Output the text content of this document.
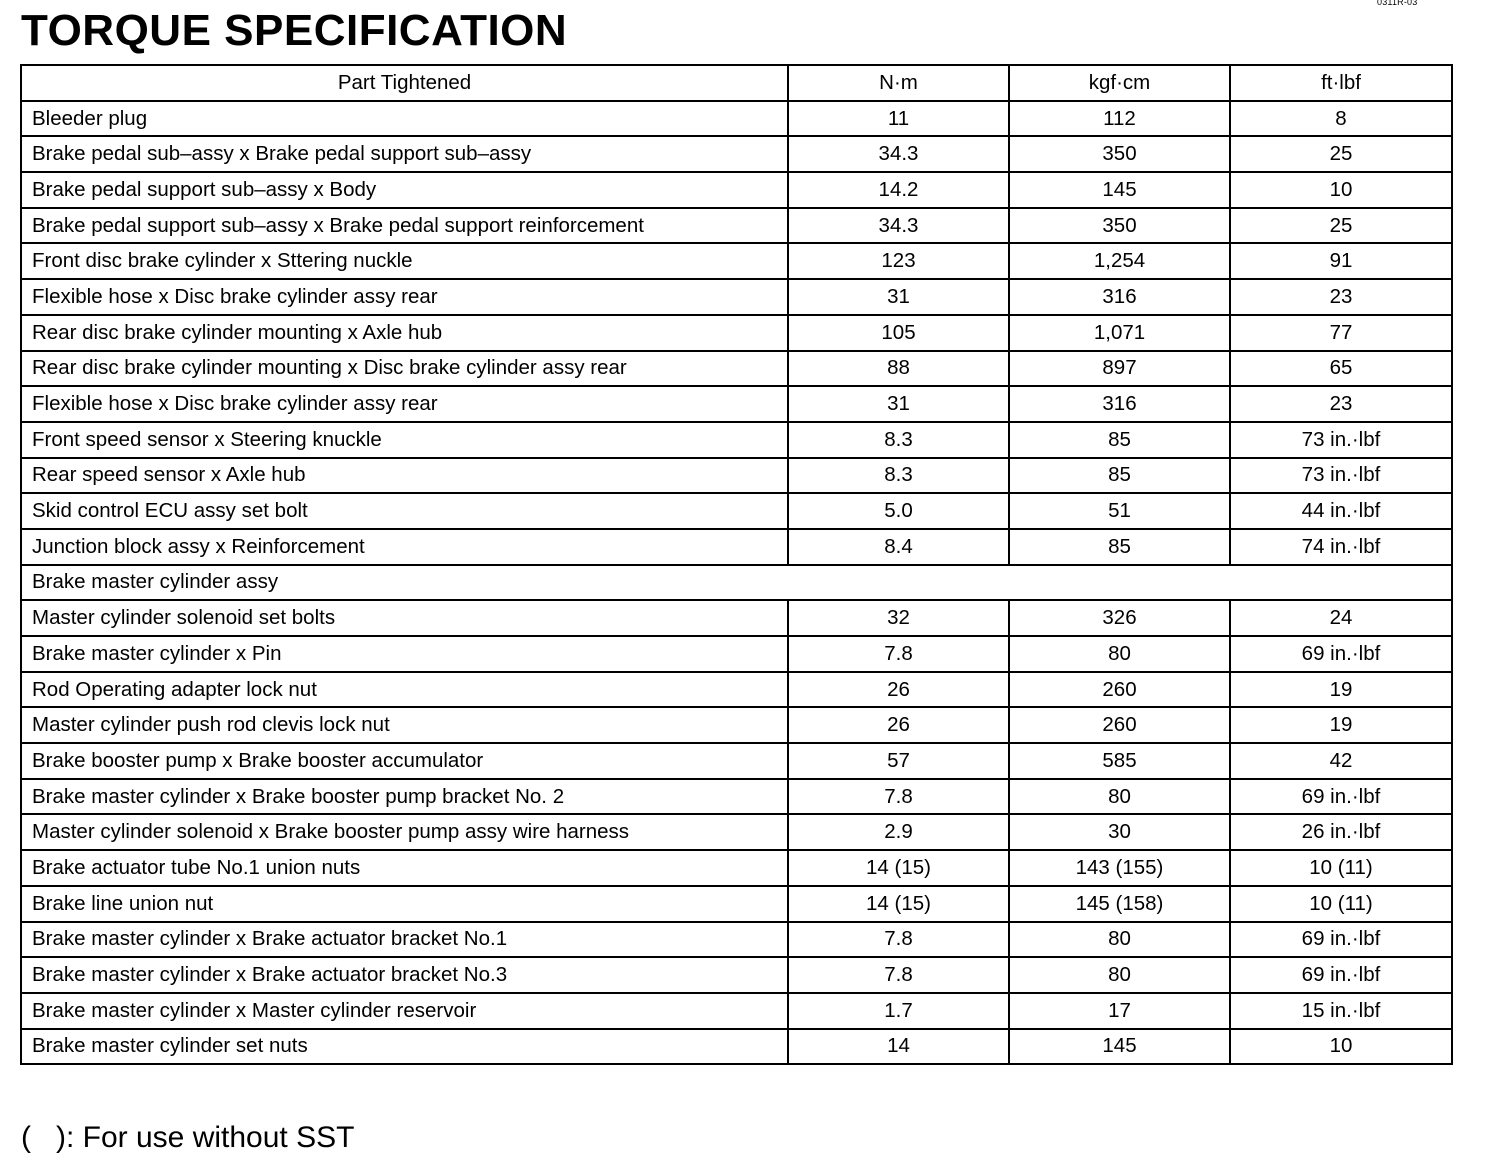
0311R-03
TORQUE SPECIFICATION
Part Tightened	N·m	kgf·cm	ft·lbf
Bleeder plug	11	112	8
Brake pedal sub–assy x Brake pedal support sub–assy	34.3	350	25
Brake pedal support sub–assy x Body	14.2	145	10
Brake pedal support sub–assy x Brake pedal support reinforcement	34.3	350	25
Front disc brake cylinder x Sttering nuckle	123	1,254	91
Flexible hose x Disc brake cylinder assy rear	31	316	23
Rear disc brake cylinder mounting x Axle hub	105	1,071	77
Rear disc brake cylinder mounting x Disc brake cylinder assy rear	88	897	65
Flexible hose x Disc brake cylinder assy rear	31	316	23
Front speed sensor x Steering knuckle	8.3	85	73 in.·lbf
Rear speed sensor x Axle hub	8.3	85	73 in.·lbf
Skid control ECU assy set bolt	5.0	51	44 in.·lbf
Junction block assy x Reinforcement	8.4	85	74 in.·lbf
Brake master cylinder assy			
Master cylinder solenoid set bolts	32	326	24
Brake master cylinder x Pin	7.8	80	69 in.·lbf
Rod Operating adapter lock nut	26	260	19
Master cylinder push rod clevis lock nut	26	260	19
Brake booster pump x Brake booster accumulator	57	585	42
Brake master cylinder x Brake booster pump bracket No. 2	7.8	80	69 in.·lbf
Master cylinder solenoid x Brake booster pump assy wire harness	2.9	30	26 in.·lbf
Brake actuator tube No.1 union nuts	14 (15)	143 (155)	10 (11)
Brake line union nut	14 (15)	145 (158)	10 (11)
Brake master cylinder x Brake actuator bracket No.1	7.8	80	69 in.·lbf
Brake master cylinder x Brake actuator bracket No.3	7.8	80	69 in.·lbf
Brake master cylinder x Master cylinder reservoir	1.7	17	15 in.·lbf
Brake master cylinder set nuts	14	145	10
(   ): For use without SST
